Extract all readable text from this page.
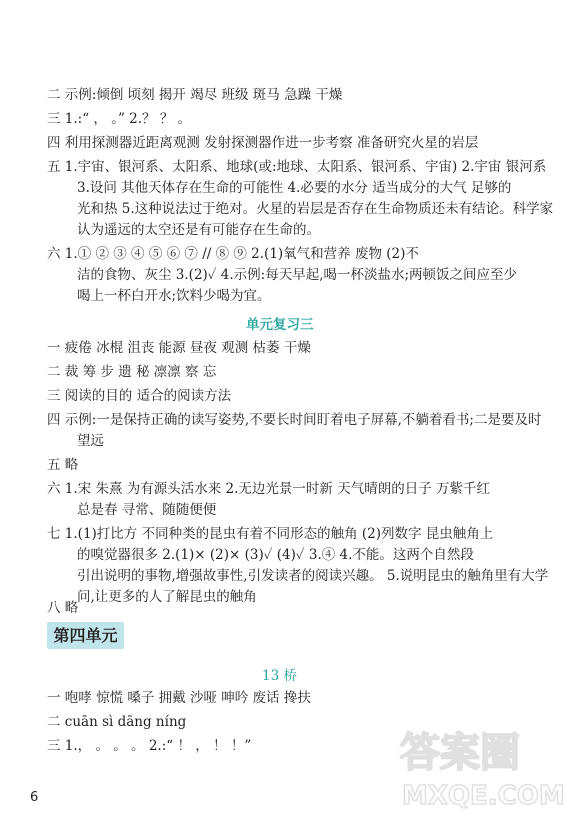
二 示例:倾倒 顷刻 揭开 竭尽 班级 斑马 急躁 干燥
三 1.:“ ， 。” 2.？ ？ 。
四 利用探测器近距离观测 发射探测器作进一步考察 准备研究火星的岩层
五 1.宇宙、银河系、太阳系、地球(或:地球、太阳系、银河系、宇宙) 2.宇宙 银河系
3.设问 其他天体存在生命的可能性 4.必要的水分 适当成分的大气 足够的
光和热 5.这种说法过于绝对。火星的岩层是否存在生命物质还未有结论。科学家
认为遥远的太空还是有可能存在生命的。
六 1.① ② ③ ④ ⑤ ⑥ ⑦ // ⑧ ⑨ 2.(1)氧气和营养 废物 (2)不
洁的食物、灰尘 3.(2)✓ 4.示例:每天早起,喝一杯淡盐水;两顿饭之间应至少
喝上一杯白开水;饮料少喝为宜。
单元复习三
一 疲倦 冰棍 沮丧 能源 昼夜 观测 枯萎 干燥
二 裁 筹 步 遗 秘 凛凛 察 忘
三 阅读的目的 适合的阅读方法
四 示例:一是保持正确的读写姿势,不要长时间盯着电子屏幕,不躺着看书;二是要及时
望远
五 略
六 1.宋 朱熹 为有源头活水来 2.无边光景一时新 天气晴朗的日子 万紫千红
总是春 寻常、随随便便
七 1.(1)打比方 不同种类的昆虫有着不同形态的触角 (2)列数字 昆虫触角上
的嗅觉器很多 2.(1)× (2)× (3)✓ (4)✓ 3.④ 4.不能。这两个自然段
引出说明的事物,增强故事性,引发读者的阅读兴趣。 5.说明昆虫的触角里有大学
问,让更多的人了解昆虫的触角
八 略
第四单元
13 桥
一 咆哮 惊慌 嗓子 拥戴 沙哑 呻吟 废话 搀扶
二 cuān sì dāng níng
三 1.， 。 。 。 2.:“ ！ ， ！ ！”
6
答案圈
MXQE.COM
